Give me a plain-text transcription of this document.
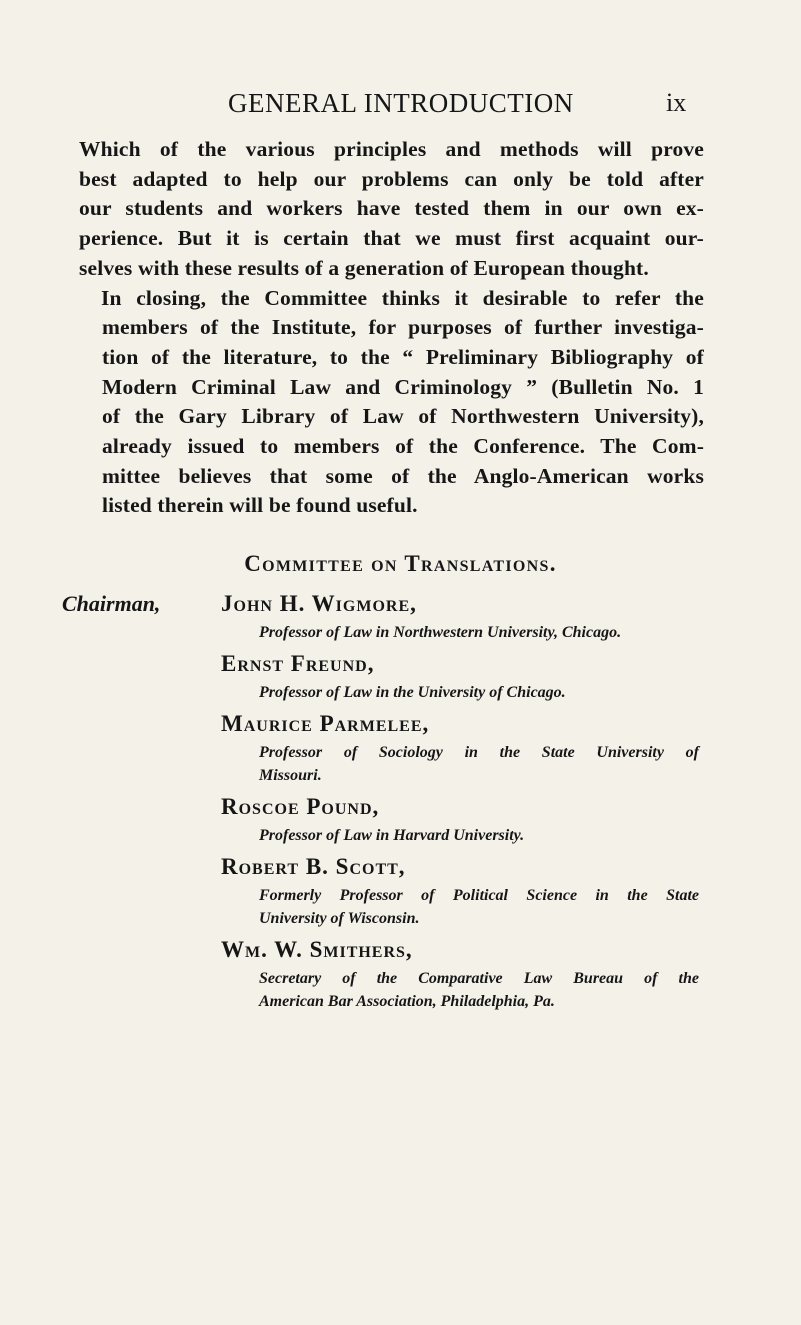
GENERAL INTRODUCTION	ix

Which of the various principles and methods will prove
best adapted to help our problems can only be told after
our students and workers have tested them in our own ex-
perience. But it is certain that we must first acquaint our-
selves with these results of a generation of European thought.

In closing, the Committee thinks it desirable to refer the
members of the Institute, for purposes of further investiga-
tion of the literature, to the “ Preliminary Bibliography of
Modern Criminal Law and Criminology ” (Bulletin No. 1
of the Gary Library of Law of Northwestern University),
already issued to members of the Conference. The Com-
mittee believes that some of the Anglo-American works
listed therein will be found useful.

Committee on Translations.
Chairman,	John H. Wigmore,
Professor of Law in Northwestern University, Chicago.
Ernst Freund,
Professor of Law in the University of Chicago.
Maurice Parmelee,
Professor of Sociology in the State University of
Missouri.
Roscoe Pound,
Professor of Law in Harvard University.
Robert B. Scott,
Formerly Professor of Political Science in the State
University of Wisconsin.
Wm. W. Smithers,
Secretary of the Comparative Law Bureau of the
American Bar Association, Philadelphia, Pa.
